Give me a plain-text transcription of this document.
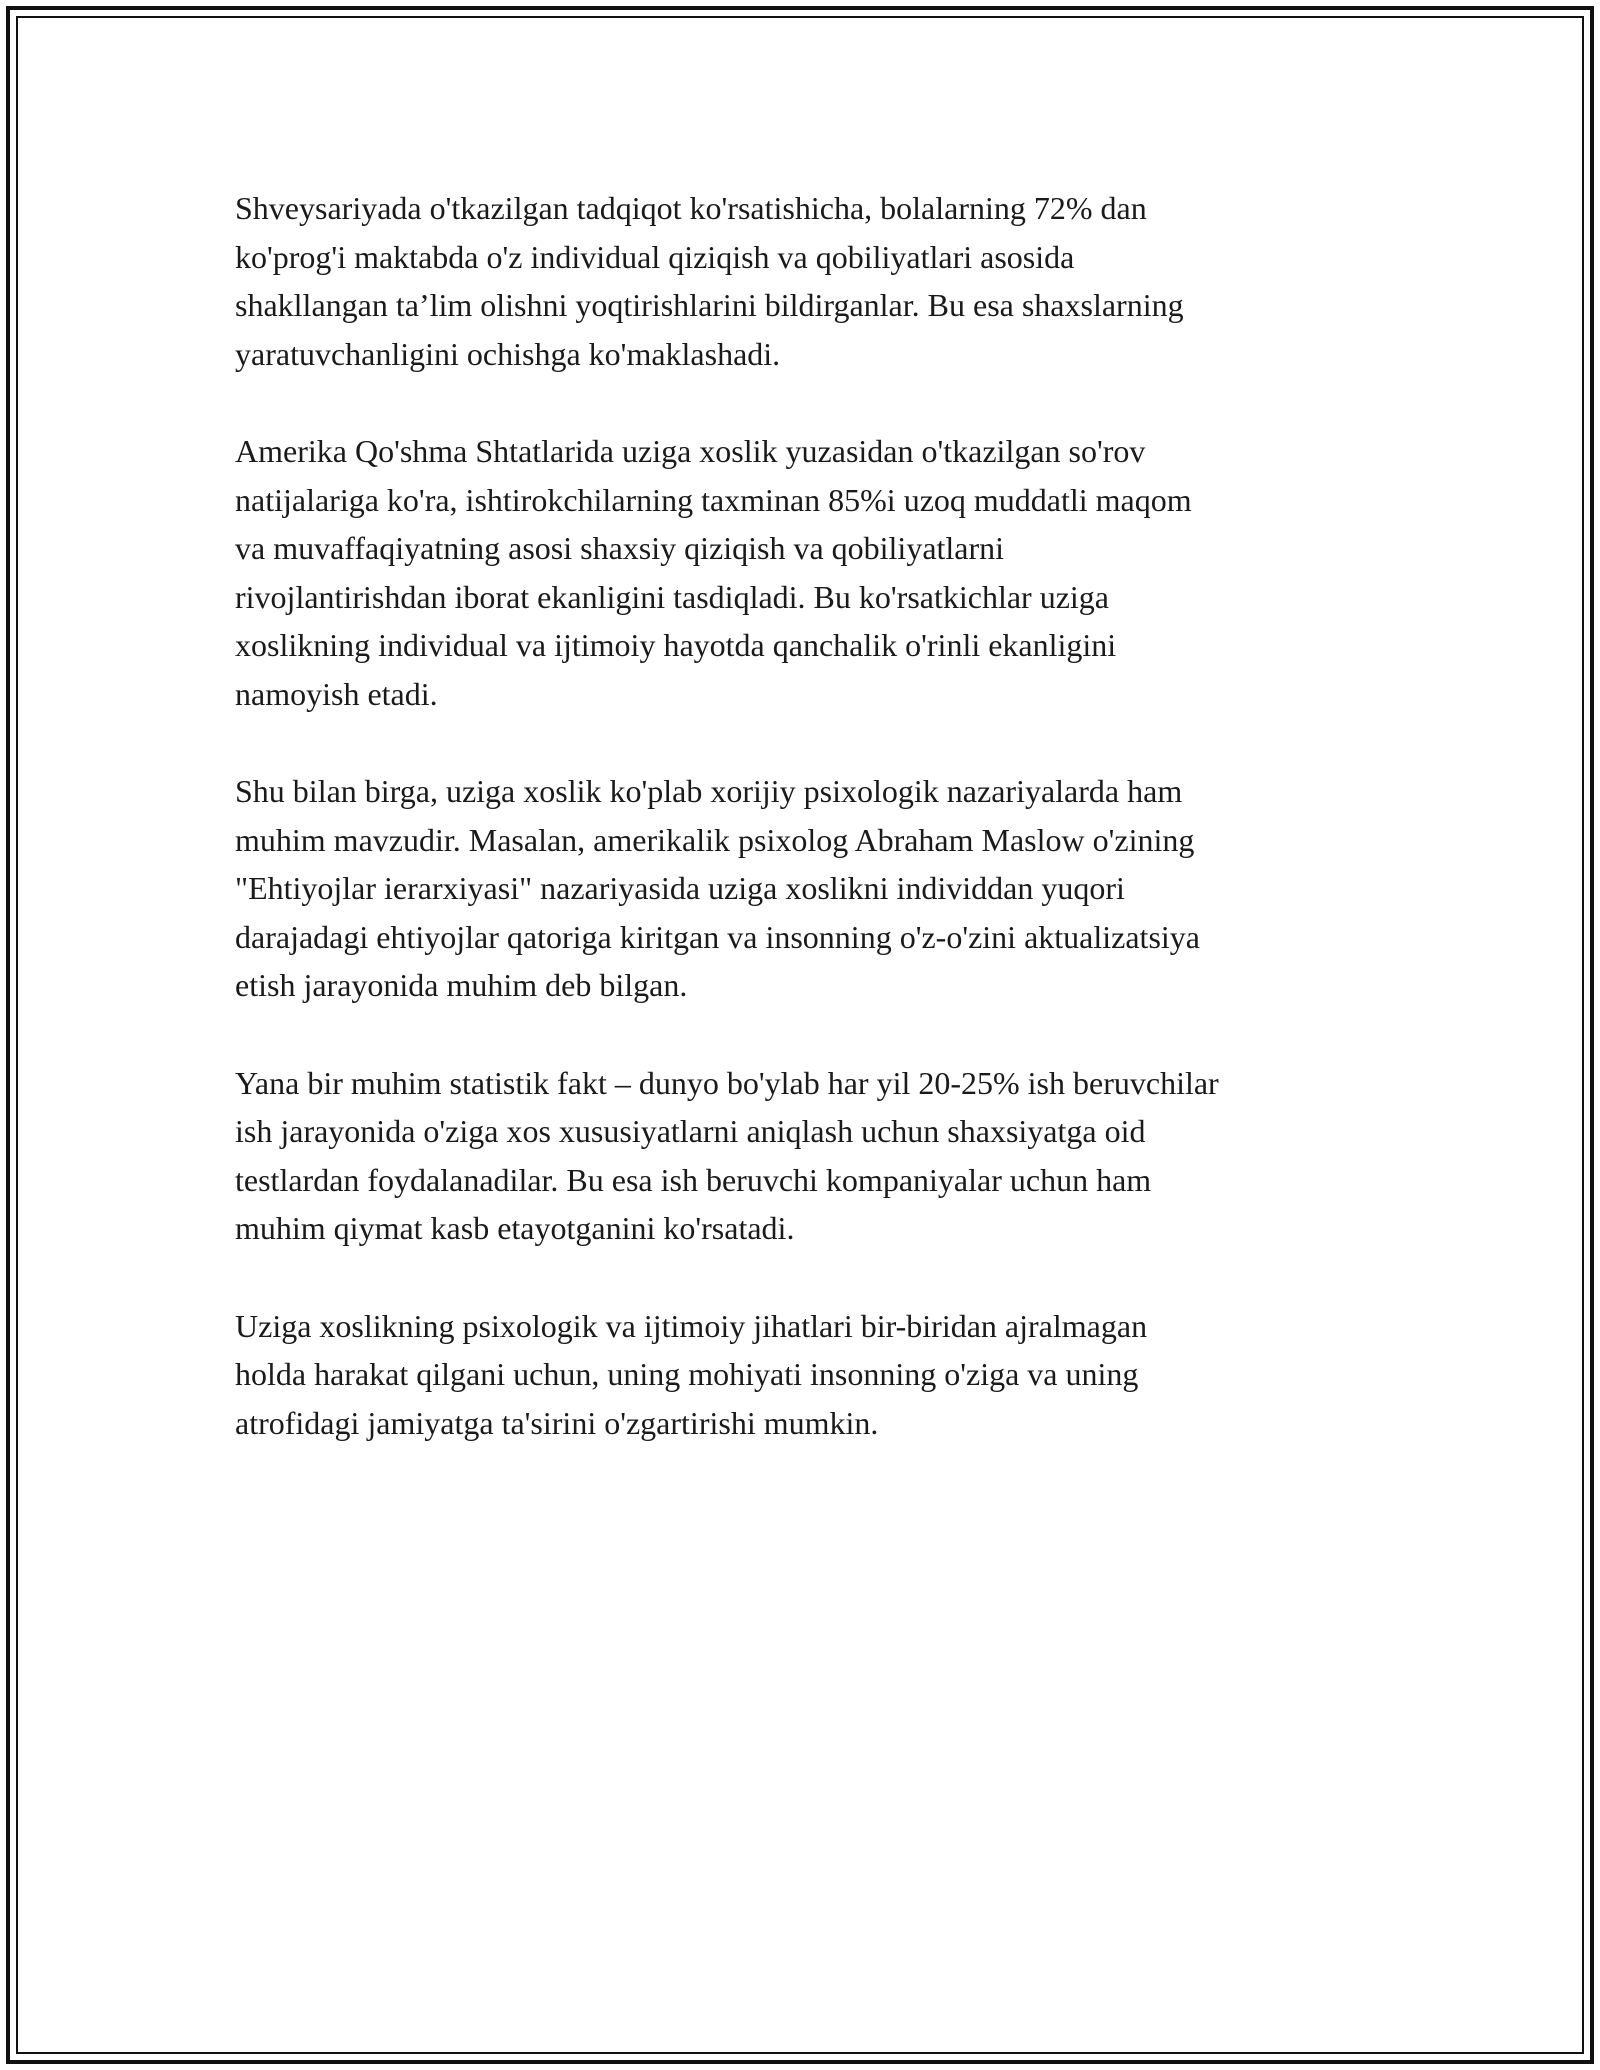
Shveysariyada o'tkazilgan tadqiqot ko'rsatishicha, bolalarning 72% dan
ko'prog'i maktabda o'z individual qiziqish va qobiliyatlari asosida
shakllangan ta’lim olishni yoqtirishlarini bildirganlar. Bu esa shaxslarning
yaratuvchanligini ochishga ko'maklashadi.

Amerika Qo'shma Shtatlarida uziga xoslik yuzasidan o'tkazilgan so'rov
natijalariga ko'ra, ishtirokchilarning taxminan 85%i uzoq muddatli maqom
va muvaffaqiyatning asosi shaxsiy qiziqish va qobiliyatlarni
rivojlantirishdan iborat ekanligini tasdiqladi. Bu ko'rsatkichlar uziga
xoslikning individual va ijtimoiy hayotda qanchalik o'rinli ekanligini
namoyish etadi.

Shu bilan birga, uziga xoslik ko'plab xorijiy psixologik nazariyalarda ham
muhim mavzudir. Masalan, amerikalik psixolog Abraham Maslow o'zining
"Ehtiyojlar ierarxiyasi" nazariyasida uziga xoslikni individdan yuqori
darajadagi ehtiyojlar qatoriga kiritgan va insonning o'z-o'zini aktualizatsiya
etish jarayonida muhim deb bilgan.

Yana bir muhim statistik fakt – dunyo bo'ylab har yil 20-25% ish beruvchilar
ish jarayonida o'ziga xos xususiyatlarni aniqlash uchun shaxsiyatga oid
testlardan foydalanadilar. Bu esa ish beruvchi kompaniyalar uchun ham
muhim qiymat kasb etayotganini ko'rsatadi.

Uziga xoslikning psixologik va ijtimoiy jihatlari bir-biridan ajralmagan
holda harakat qilgani uchun, uning mohiyati insonning o'ziga va uning
atrofidagi jamiyatga ta'sirini o'zgartirishi mumkin.
